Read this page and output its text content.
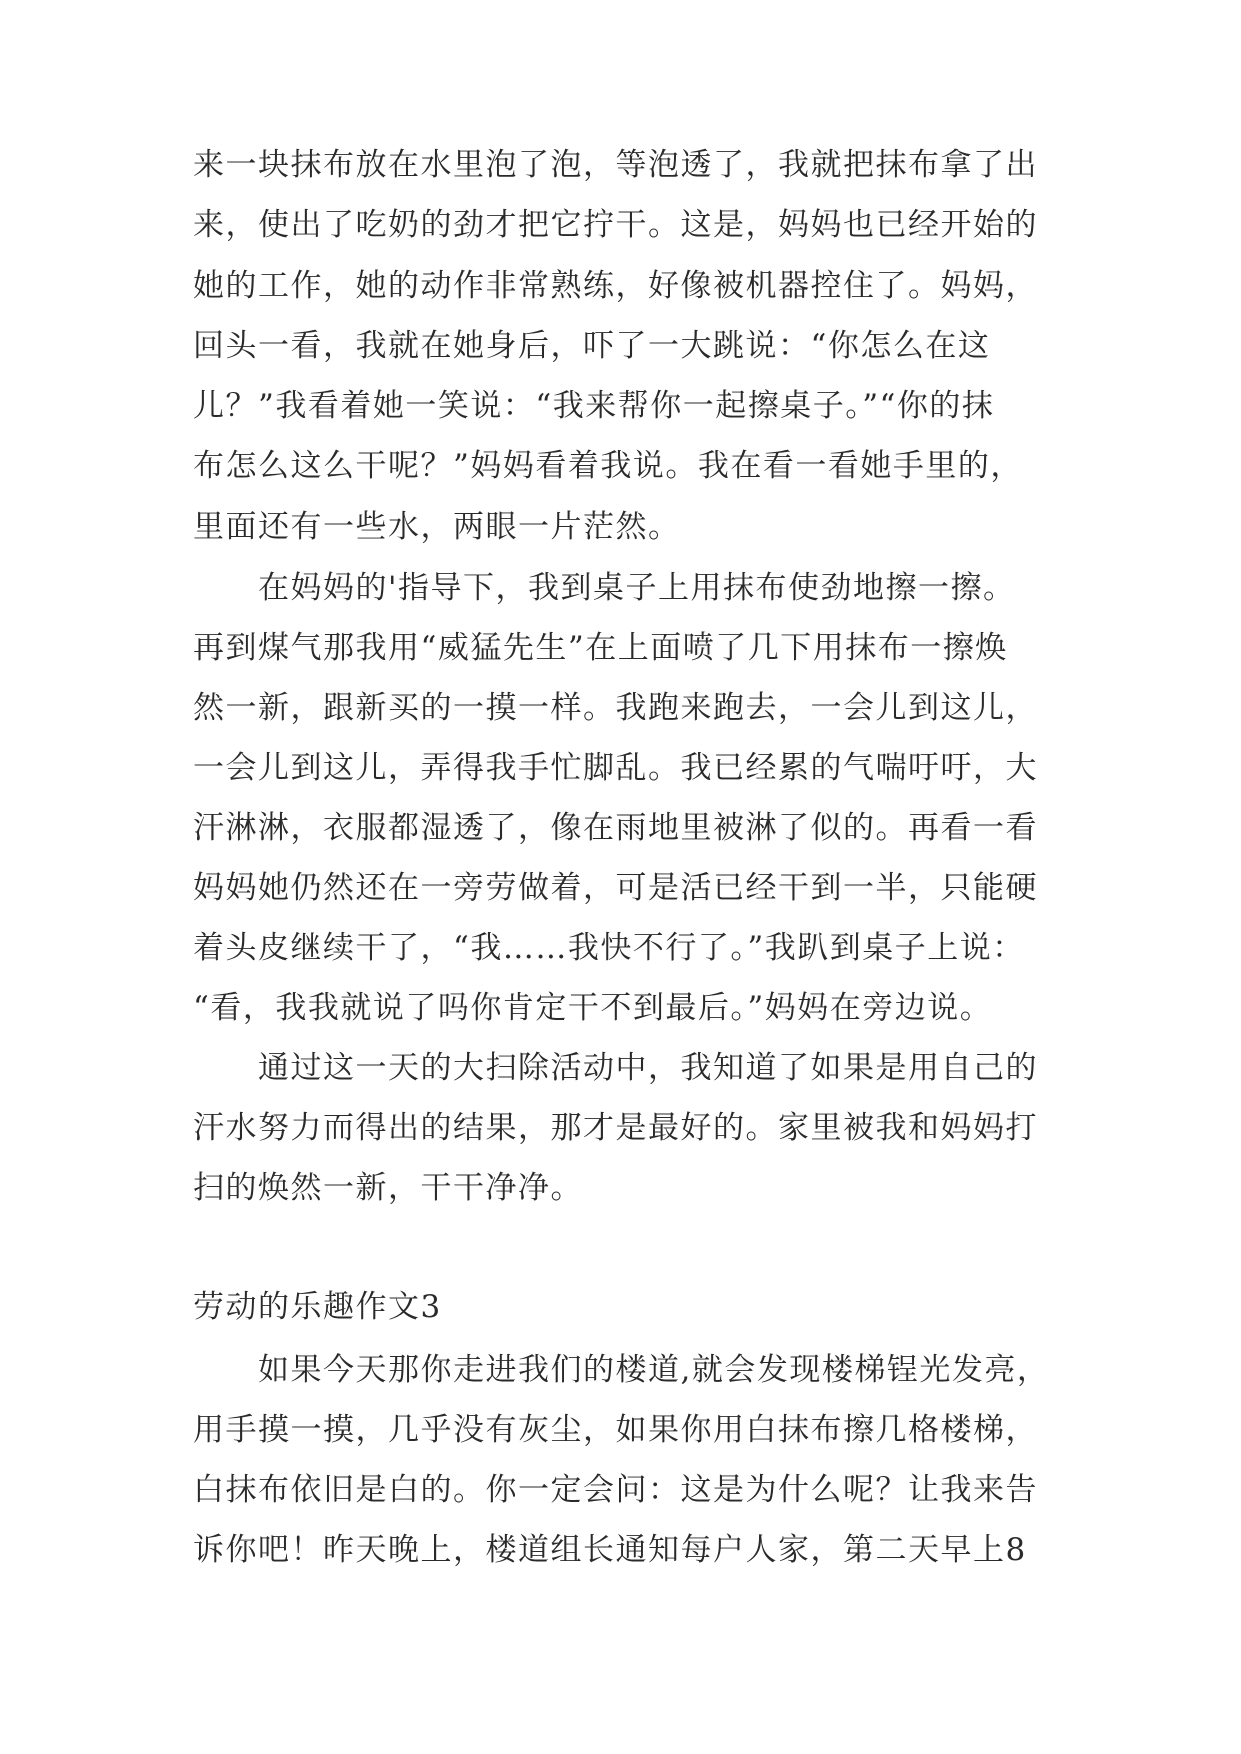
来一块抹布放在水里泡了泡，等泡透了，我就把抹布拿了出
来，使出了吃奶的劲才把它拧干。这是，妈妈也已经开始的
她的工作，她的动作非常熟练，好像被机器控住了。妈妈，
回头一看，我就在她身后，吓了一大跳说：“你怎么在这
儿？”我看着她一笑说：“我来帮你一起擦桌子。”“你的抹
布怎么这么干呢？”妈妈看着我说。我在看一看她手里的，
里面还有一些水，两眼一片茫然。
在妈妈的'指导下，我到桌子上用抹布使劲地擦一擦。
再到煤气那我用“威猛先生”在上面喷了几下用抹布一擦焕
然一新，跟新买的一摸一样。我跑来跑去，一会儿到这儿，
一会儿到这儿，弄得我手忙脚乱。我已经累的气喘吁吁，大
汗淋淋，衣服都湿透了，像在雨地里被淋了似的。再看一看
妈妈她仍然还在一旁劳做着，可是活已经干到一半，只能硬
着头皮继续干了，“我……我快不行了。”我趴到桌子上说：
“看，我我就说了吗你肯定干不到最后。”妈妈在旁边说。
通过这一天的大扫除活动中，我知道了如果是用自己的
汗水努力而得出的结果，那才是最好的。家里被我和妈妈打
扫的焕然一新，干干净净。
劳动的乐趣作文3
如果今天那你走进我们的楼道,就会发现楼梯锃光发亮，
用手摸一摸，几乎没有灰尘，如果你用白抹布擦几格楼梯，
白抹布依旧是白的。你一定会问：这是为什么呢？让我来告
诉你吧！昨天晚上，楼道组长通知每户人家，第二天早上8
